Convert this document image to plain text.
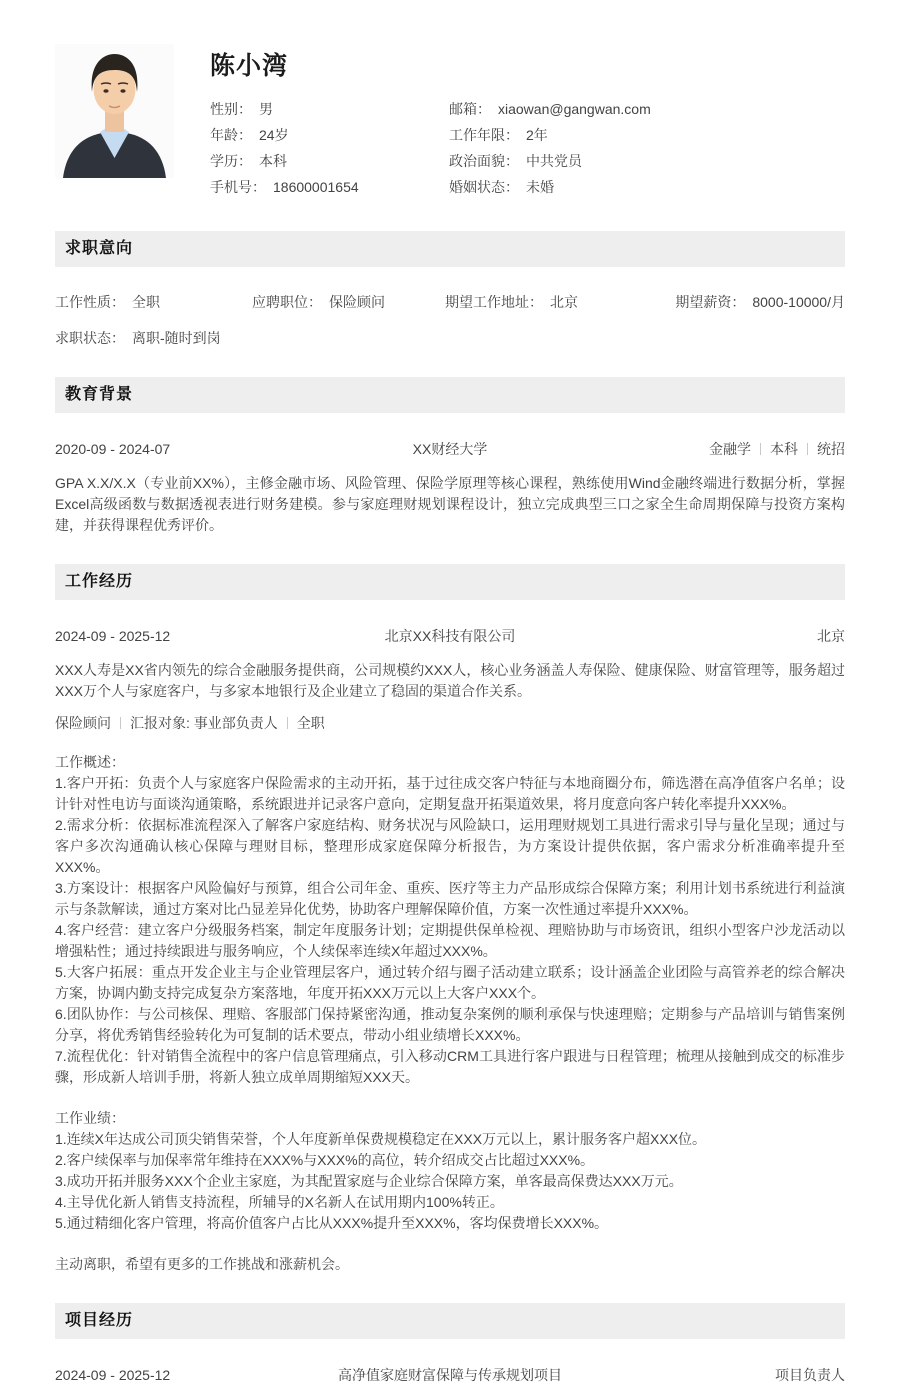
陈小湾
性别： 男
年龄： 24岁
学历： 本科
手机号： 18600001654
邮箱： xiaowan@gangwan.com
工作年限： 2年
政治面貌： 中共党员
婚姻状态： 未婚
求职意向
工作性质： 全职	应聘职位： 保险顾问	期望工作地址： 北京	期望薪资： 8000-10000/月
求职状态： 离职-随时到岗
教育背景
2020-09 - 2024-07	XX财经大学	金融学 本科 统招
GPA X.X/X.X（专业前XX%），主修金融市场、风险管理、保险学原理等核心课程，熟练使用Wind金融终端进行数据分析，掌握Excel高级函数与数据透视表进行财务建模。参与家庭理财规划课程设计，独立完成典型三口之家全生命周期保障与投资方案构建，并获得课程优秀评价。
工作经历
2024-09 - 2025-12	北京XX科技有限公司	北京
XXX人寿是XX省内领先的综合金融服务提供商，公司规模约XXX人，核心业务涵盖人寿保险、健康保险、财富管理等，服务超过XXX万个人与家庭客户，与多家本地银行及企业建立了稳固的渠道合作关系。
保险顾问 汇报对象: 事业部负责人 全职
工作概述：
1.客户开拓：负责个人与家庭客户保险需求的主动开拓，基于过往成交客户特征与本地商圈分布，筛选潜在高净值客户名单；设计针对性电访与面谈沟通策略，系统跟进并记录客户意向，定期复盘开拓渠道效果，将月度意向客户转化率提升XXX%。
2.需求分析：依据标准流程深入了解客户家庭结构、财务状况与风险缺口，运用理财规划工具进行需求引导与量化呈现；通过与客户多次沟通确认核心保障与理财目标，整理形成家庭保障分析报告，为方案设计提供依据，客户需求分析准确率提升至XXX%。
3.方案设计：根据客户风险偏好与预算，组合公司年金、重疾、医疗等主力产品形成综合保障方案；利用计划书系统进行利益演示与条款解读，通过方案对比凸显差异化优势，协助客户理解保障价值，方案一次性通过率提升XXX%。
4.客户经营：建立客户分级服务档案，制定年度服务计划；定期提供保单检视、理赔协助与市场资讯，组织小型客户沙龙活动以增强粘性；通过持续跟进与服务响应，个人续保率连续X年超过XXX%。
5.大客户拓展：重点开发企业主与企业管理层客户，通过转介绍与圈子活动建立联系；设计涵盖企业团险与高管养老的综合解决方案，协调内勤支持完成复杂方案落地，年度开拓XXX万元以上大客户XXX个。
6.团队协作：与公司核保、理赔、客服部门保持紧密沟通，推动复杂案例的顺利承保与快速理赔；定期参与产品培训与销售案例分享，将优秀销售经验转化为可复制的话术要点，带动小组业绩增长XXX%。
7.流程优化：针对销售全流程中的客户信息管理痛点，引入移动CRM工具进行客户跟进与日程管理；梳理从接触到成交的标准步骤，形成新人培训手册，将新人独立成单周期缩短XXX天。
工作业绩：
1.连续X年达成公司顶尖销售荣誉，个人年度新单保费规模稳定在XXX万元以上，累计服务客户超XXX位。
2.客户续保率与加保率常年维持在XXX%与XXX%的高位，转介绍成交占比超过XXX%。
3.成功开拓并服务XXX个企业主家庭，为其配置家庭与企业综合保障方案，单客最高保费达XXX万元。
4.主导优化新人销售支持流程，所辅导的X名新人在试用期内100%转正。
5.通过精细化客户管理，将高价值客户占比从XXX%提升至XXX%，客均保费增长XXX%。
主动离职，希望有更多的工作挑战和涨薪机会。
项目经历
2024-09 - 2025-12	高净值家庭财富保障与传承规划项目	项目负责人
